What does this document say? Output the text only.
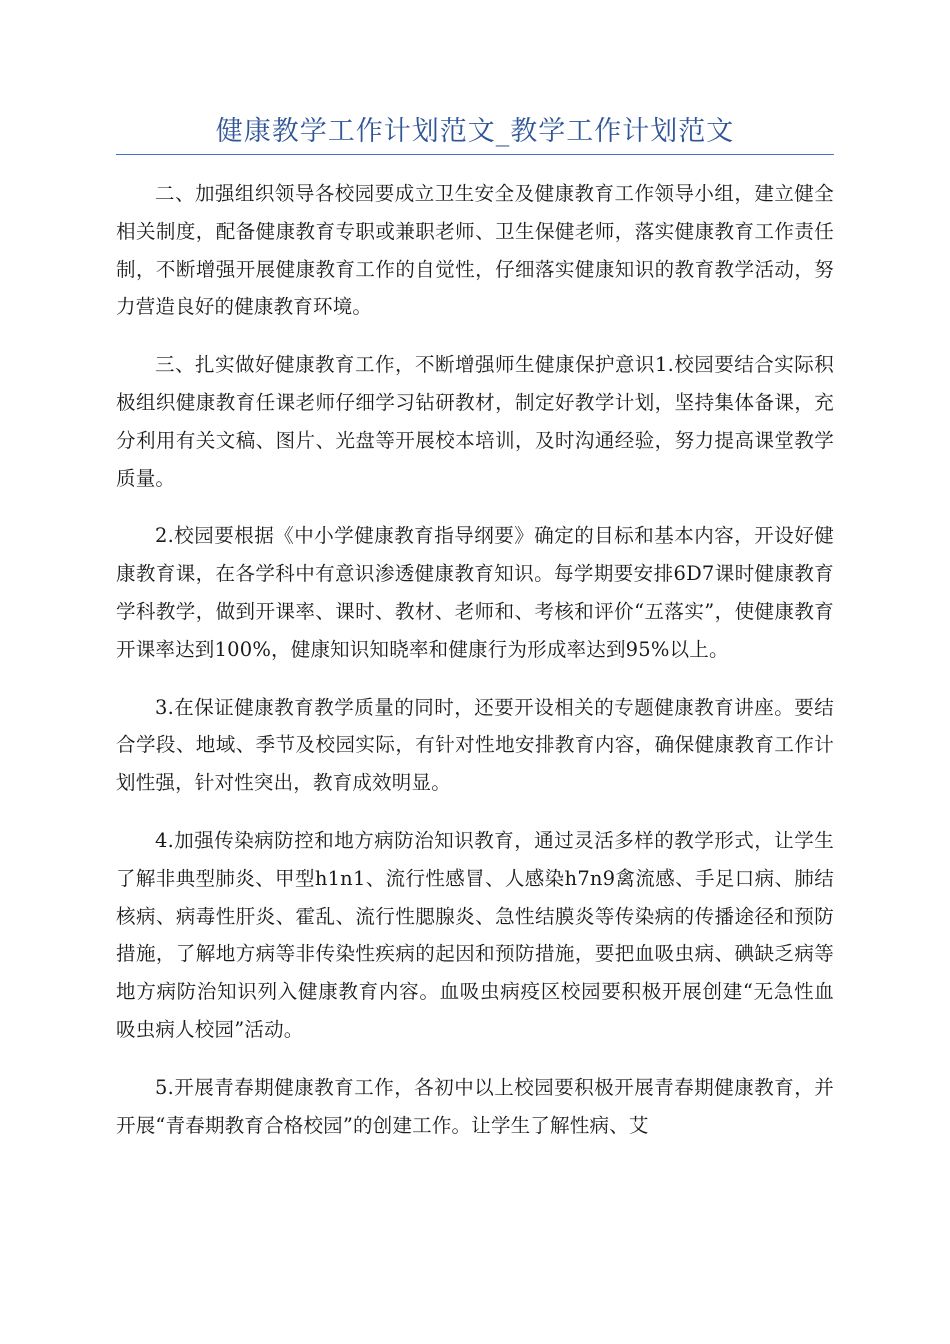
健康教学工作计划范文_教学工作计划范文

二、加强组织领导各校园要成立卫生安全及健康教育工作领导小组，建立健全相关制度，配备健康教育专职或兼职老师、卫生保健老师，落实健康教育工作责任制，不断增强开展健康教育工作的自觉性，仔细落实健康知识的教育教学活动，努力营造良好的健康教育环境。

三、扎实做好健康教育工作，不断增强师生健康保护意识1.校园要结合实际积极组织健康教育任课老师仔细学习钻研教材，制定好教学计划，坚持集体备课，充分利用有关文稿、图片、光盘等开展校本培训，及时沟通经验，努力提高课堂教学质量。

2.校园要根据《中小学健康教育指导纲要》确定的目标和基本内容，开设好健康教育课，在各学科中有意识渗透健康教育知识。每学期要安排6D7课时健康教育学科教学，做到开课率、课时、教材、老师和、考核和评价“五落实”，使健康教育开课率达到100%，健康知识知晓率和健康行为形成率达到95%以上。

3.在保证健康教育教学质量的同时，还要开设相关的专题健康教育讲座。要结合学段、地域、季节及校园实际，有针对性地安排教育内容，确保健康教育工作计划性强，针对性突出，教育成效明显。

4.加强传染病防控和地方病防治知识教育，通过灵活多样的教学形式，让学生了解非典型肺炎、甲型h1n1、流行性感冒、人感染h7n9禽流感、手足口病、肺结核病、病毒性肝炎、霍乱、流行性腮腺炎、急性结膜炎等传染病的传播途径和预防措施，了解地方病等非传染性疾病的起因和预防措施，要把血吸虫病、碘缺乏病等地方病防治知识列入健康教育内容。血吸虫病疫区校园要积极开展创建“无急性血吸虫病人校园”活动。

5.开展青春期健康教育工作，各初中以上校园要积极开展青春期健康教育，并开展“青春期教育合格校园”的创建工作。让学生了解性病、艾
